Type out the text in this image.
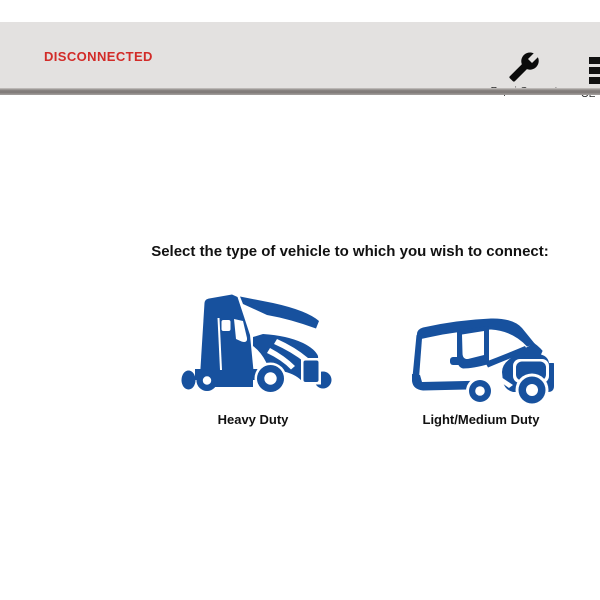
DISCONNECTED
Select the type of vehicle to which you wish to connect:
Heavy Duty	Light/Medium Duty
